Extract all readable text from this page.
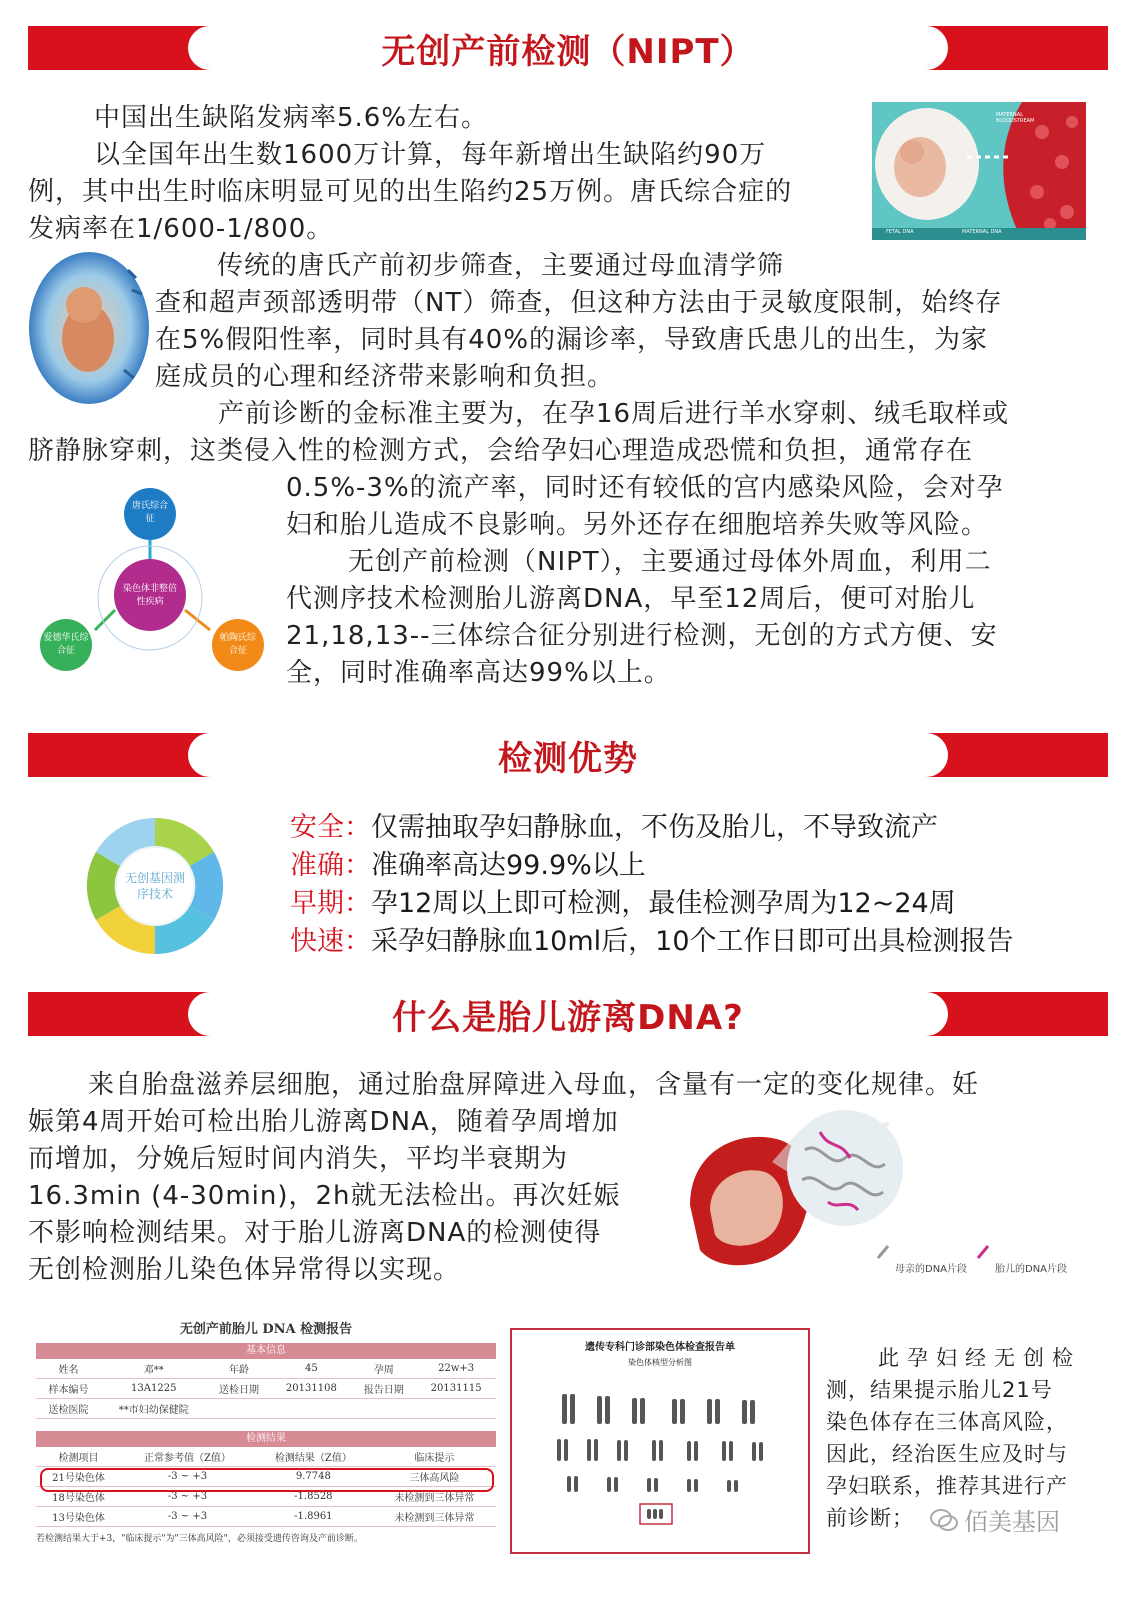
无创产前检测（NIPT）
中国出生缺陷发病率5.6%左右。
以全国年出生数1600万计算，每年新增出生缺陷约90万
例，其中出生时临床明显可见的出生陷约25万例。唐氏综合症的
发病率在1/600-1/800。
MATERNAL BLOODSTREAM
FETAL DNA	MATERNAL DNA
传统的唐氏产前初步筛查，主要通过母血清学筛
查和超声颈部透明带（NT）筛查，但这种方法由于灵敏度限制，始终存
在5%假阳性率，同时具有40%的漏诊率，导致唐氏患儿的出生，为家
庭成员的心理和经济带来影响和负担。
产前诊断的金标准主要为，在孕16周后进行羊水穿刺、绒毛取样或
脐静脉穿刺，这类侵入性的检测方式，会给孕妇心理造成恐慌和负担，通常存在
0.5%-3%的流产率，同时还有较低的宫内感染风险，会对孕
妇和胎儿造成不良影响。另外还存在细胞培养失败等风险。
染色体非整倍性疾病
唐氏综合征
爱德华氏综合征
帕陶氏综合征
无创产前检测（NIPT），主要通过母体外周血，利用二
代测序技术检测胎儿游离DNA，早至12周后，便可对胎儿
21,18,13--三体综合征分别进行检测，无创的方式方便、安
全，同时准确率高达99%以上。
检测优势
无创基因测序技术
安全：仅需抽取孕妇静脉血，不伤及胎儿，不导致流产
准确：准确率高达99.9%以上
早期：孕12周以上即可检测，最佳检测孕周为12~24周
快速：采孕妇静脉血10ml后，10个工作日即可出具检测报告
什么是胎儿游离DNA?
来自胎盘滋养层细胞，通过胎盘屏障进入母血，含量有一定的变化规律。妊
娠第4周开始可检出胎儿游离DNA，随着孕周增加
而增加，分娩后短时间内消失，平均半衰期为
16.3min (4-30min)，2h就无法检出。再次妊娠
不影响检测结果。对于胎儿游离DNA的检测使得
无创检测胎儿染色体异常得以实现。	母亲的DNA片段	胎儿的DNA片段
无创产前胎儿 DNA 检测报告
基本信息
姓名	邓**	年龄	45	孕周	22w+3
样本编号	13A1225	送检日期	20131108	报告日期	20131115
送检医院	**市妇幼保健院				
检测结果
检测项目	正常参考值（Z值）	检测结果（Z值）	临床提示
21号染色体	-3 ~ +3	9.7748	三体高风险
18号染色体	-3 ~ +3	-1.8528	未检测到三体异常
13号染色体	-3 ~ +3	-1.8961	未检测到三体异常
若检测结果大于+3，"临床提示"为"三体高风险"，必须接受遗传咨询及产前诊断。
遗传专科门诊部染色体检查报告单
染色体核型分析图	此孕妇经无创检
测，结果提示胎儿21号
染色体存在三体高风险，
因此，经治医生应及时与
孕妇联系，推荐其进行产
前诊断；	佰美基因
